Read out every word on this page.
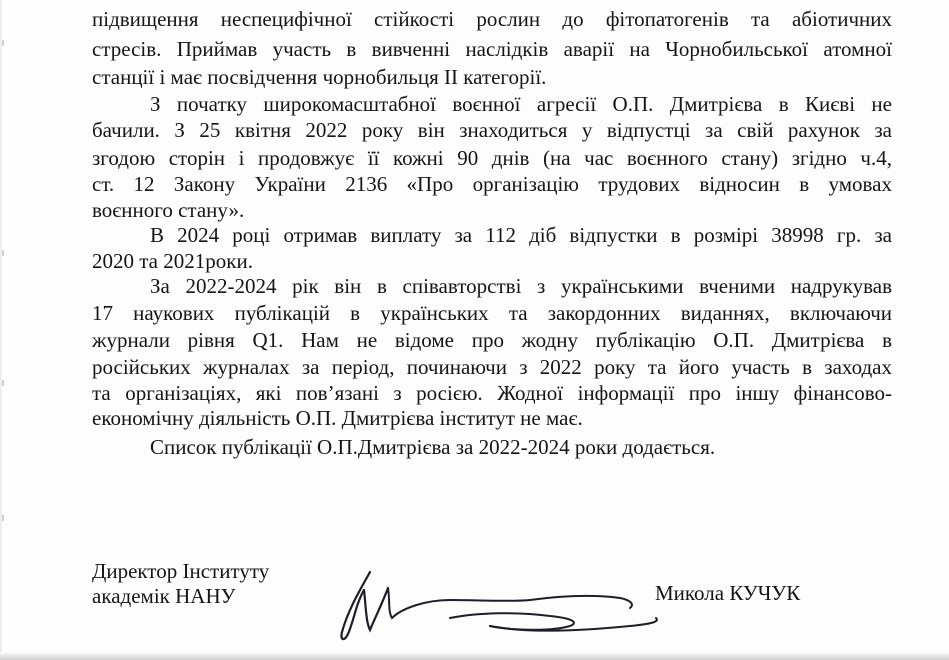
підвищення неспецифічної стійкості рослин до фітопатогенів та абіотичних
стресів. Приймав участь в вивченні наслідків аварії на Чорнобильської атомної
станції і має посвідчення чорнобильця ІІ категорії.
З початку широкомасштабної воєнної агресії О.П. Дмитрієва в Києві не
бачили. З 25 квітня 2022 року він знаходиться у відпустці за свій рахунок за
згодою сторін і продовжує її кожні 90 днів (на час воєнного стану) згідно ч.4,
ст. 12 Закону України 2136 «Про організацію трудових відносин в умовах
воєнного стану».
В 2024 році отримав виплату за 112 діб відпустки в розмірі 38998 гр. за
2020 та 2021роки.
За 2022-2024 рік він в співавторстві з українськими вченими надрукував
17 наукових публікацій в українських та закордонних виданнях, включаючи
журнали рівня Q1. Нам не відоме про жодну публікацію О.П. Дмитрієва в
російських журналах за період, починаючи з 2022 року та його участь в заходах
та організаціях, які пов’язані з росією. Жодної інформації про іншу фінансово-
економічну діяльність О.П. Дмитрієва інститут не має.
Список публікації О.П.Дмитрієва за 2022-2024 роки додається.
Директор Інституту
академік НАНУ	Микола КУЧУК
